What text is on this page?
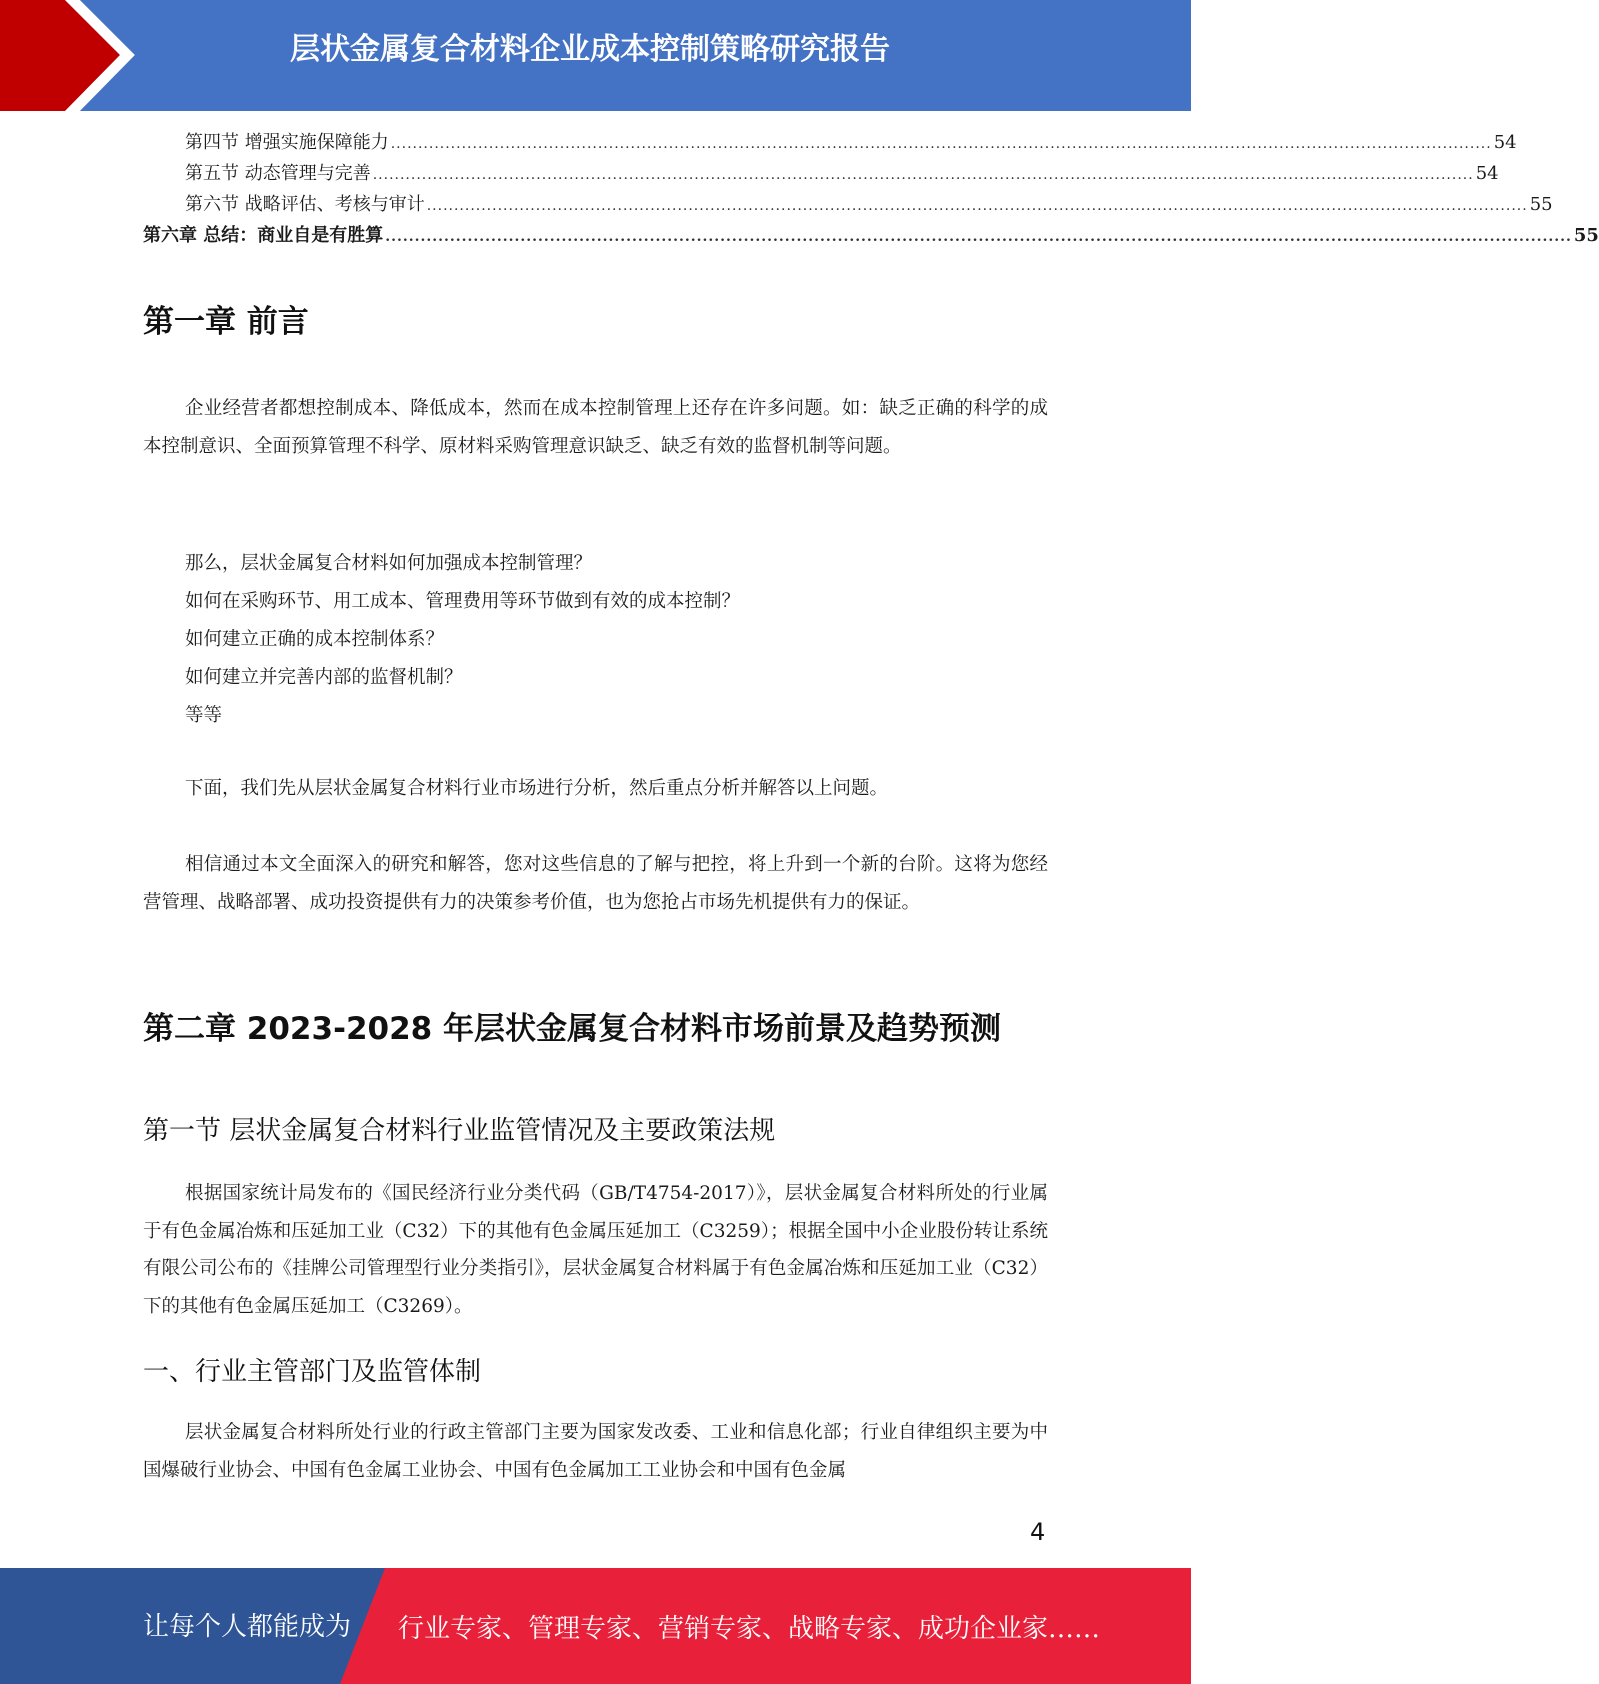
层状金属复合材料企业成本控制策略研究报告
第四节 增强实施保障能力 .......................................................................................................................................................................................................... 54
第五节 动态管理与完善 .......................................................................................................................................................................................................... 54
第六节 战略评估、考核与审计 .......................................................................................................................................................................................................... 55
第六章 总结：商业自是有胜算 .......................................................................................................................................................................................................... 55
第一章 前言
企业经营者都想控制成本、降低成本，然而在成本控制管理上还存在许多问题。如：缺乏正确的科学的成本控制意识、全面预算管理不科学、原材料采购管理意识缺乏、缺乏有效的监督机制等问题。
那么，层状金属复合材料如何加强成本控制管理？
如何在采购环节、用工成本、管理费用等环节做到有效的成本控制？
如何建立正确的成本控制体系？
如何建立并完善内部的监督机制？
等等
下面，我们先从层状金属复合材料行业市场进行分析，然后重点分析并解答以上问题。
相信通过本文全面深入的研究和解答，您对这些信息的了解与把控，将上升到一个新的台阶。这将为您经营管理、战略部署、成功投资提供有力的决策参考价值，也为您抢占市场先机提供有力的保证。
第二章 2023-2028 年层状金属复合材料市场前景及趋势预测
第一节 层状金属复合材料行业监管情况及主要政策法规
根据国家统计局发布的《国民经济行业分类代码（GB/T4754-2017）》，层状金属复合材料所处的行业属于有色金属冶炼和压延加工业（C32）下的其他有色金属压延加工（C3259）；根据全国中小企业股份转让系统有限公司公布的《挂牌公司管理型行业分类指引》，层状金属复合材料属于有色金属冶炼和压延加工业（C32）下的其他有色金属压延加工（C3269）。
一、行业主管部门及监管体制
层状金属复合材料所处行业的行政主管部门主要为国家发改委、工业和信息化部；行业自律组织主要为中国爆破行业协会、中国有色金属工业协会、中国有色金属加工工业协会和中国有色金属
4
让每个人都能成为 行业专家、管理专家、营销专家、战略专家、成功企业家……
